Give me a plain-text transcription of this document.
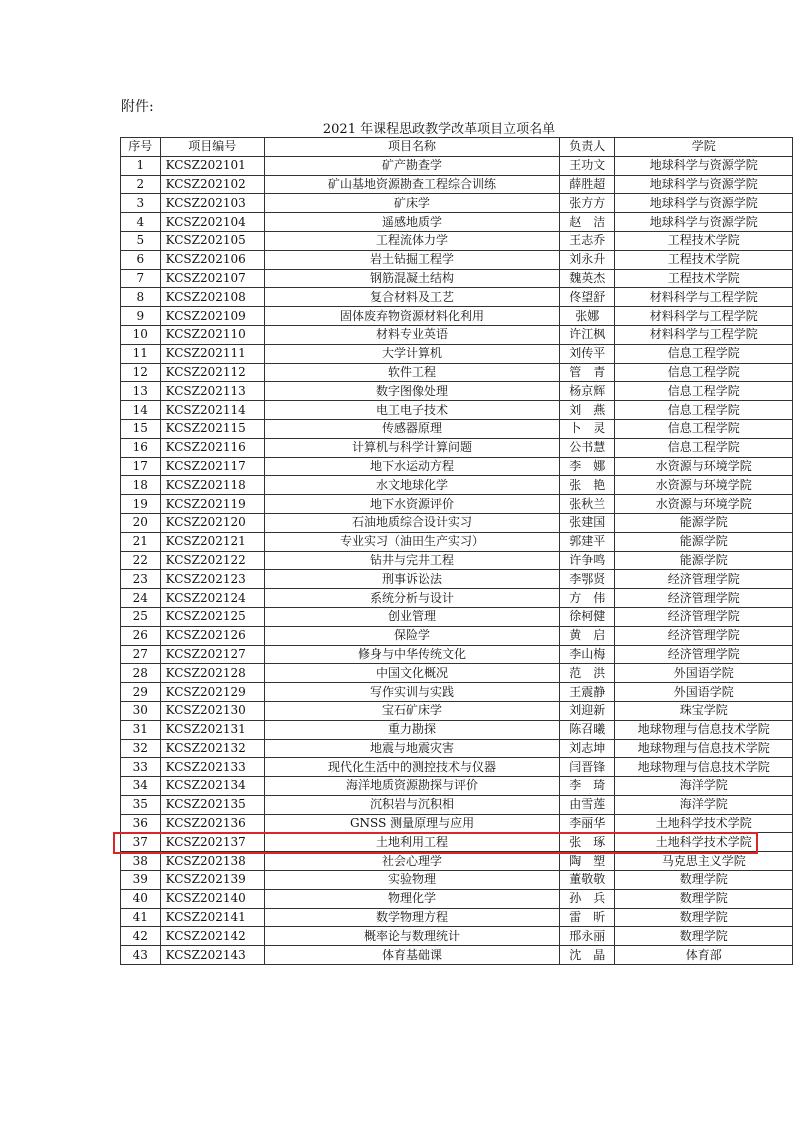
附件:
2021 年课程思政教学改革项目立项名单
序号	项目编号	项目名称	负责人	学院
1	KCSZ202101	矿产勘查学	王功文	地球科学与资源学院
2	KCSZ202102	矿山基地资源勘查工程综合训练	薛胜超	地球科学与资源学院
3	KCSZ202103	矿床学	张方方	地球科学与资源学院
4	KCSZ202104	遥感地质学	赵　洁	地球科学与资源学院
5	KCSZ202105	工程流体力学	王志乔	工程技术学院
6	KCSZ202106	岩土钻掘工程学	刘永升	工程技术学院
7	KCSZ202107	钢筋混凝土结构	魏英杰	工程技术学院
8	KCSZ202108	复合材料及工艺	佟望舒	材料科学与工程学院
9	KCSZ202109	固体废弃物资源材料化利用	张娜	材料科学与工程学院
10	KCSZ202110	材料专业英语	许江枫	材料科学与工程学院
11	KCSZ202111	大学计算机	刘传平	信息工程学院
12	KCSZ202112	软件工程	管　青	信息工程学院
13	KCSZ202113	数字图像处理	杨京辉	信息工程学院
14	KCSZ202114	电工电子技术	刘　燕	信息工程学院
15	KCSZ202115	传感器原理	卜　灵	信息工程学院
16	KCSZ202116	计算机与科学计算问题	公书慧	信息工程学院
17	KCSZ202117	地下水运动方程	李　娜	水资源与环境学院
18	KCSZ202118	水文地球化学	张　艳	水资源与环境学院
19	KCSZ202119	地下水资源评价	张秋兰	水资源与环境学院
20	KCSZ202120	石油地质综合设计实习	张建国	能源学院
21	KCSZ202121	专业实习（油田生产实习）	郭建平	能源学院
22	KCSZ202122	钻井与完井工程	许争鸣	能源学院
23	KCSZ202123	刑事诉讼法	李鄂贤	经济管理学院
24	KCSZ202124	系统分析与设计	方　伟	经济管理学院
25	KCSZ202125	创业管理	徐柯健	经济管理学院
26	KCSZ202126	保险学	黄　启	经济管理学院
27	KCSZ202127	修身与中华传统文化	李山梅	经济管理学院
28	KCSZ202128	中国文化概况	范　洪	外国语学院
29	KCSZ202129	写作实训与实践	王震静	外国语学院
30	KCSZ202130	宝石矿床学	刘迎新	珠宝学院
31	KCSZ202131	重力勘探	陈召曦	地球物理与信息技术学院
32	KCSZ202132	地震与地震灾害	刘志坤	地球物理与信息技术学院
33	KCSZ202133	现代化生活中的测控技术与仪器	闫晋锋	地球物理与信息技术学院
34	KCSZ202134	海洋地质资源勘探与评价	李　琦	海洋学院
35	KCSZ202135	沉积岩与沉积相	由雪莲	海洋学院
36	KCSZ202136	GNSS 测量原理与应用	李丽华	土地科学技术学院
37	KCSZ202137	土地利用工程	张　琢	土地科学技术学院
38	KCSZ202138	社会心理学	陶　塑	马克思主义学院
39	KCSZ202139	实验物理	董敬敬	数理学院
40	KCSZ202140	物理化学	孙　兵	数理学院
41	KCSZ202141	数学物理方程	雷　昕	数理学院
42	KCSZ202142	概率论与数理统计	邢永丽	数理学院
43	KCSZ202143	体育基础课	沈　晶	体育部
